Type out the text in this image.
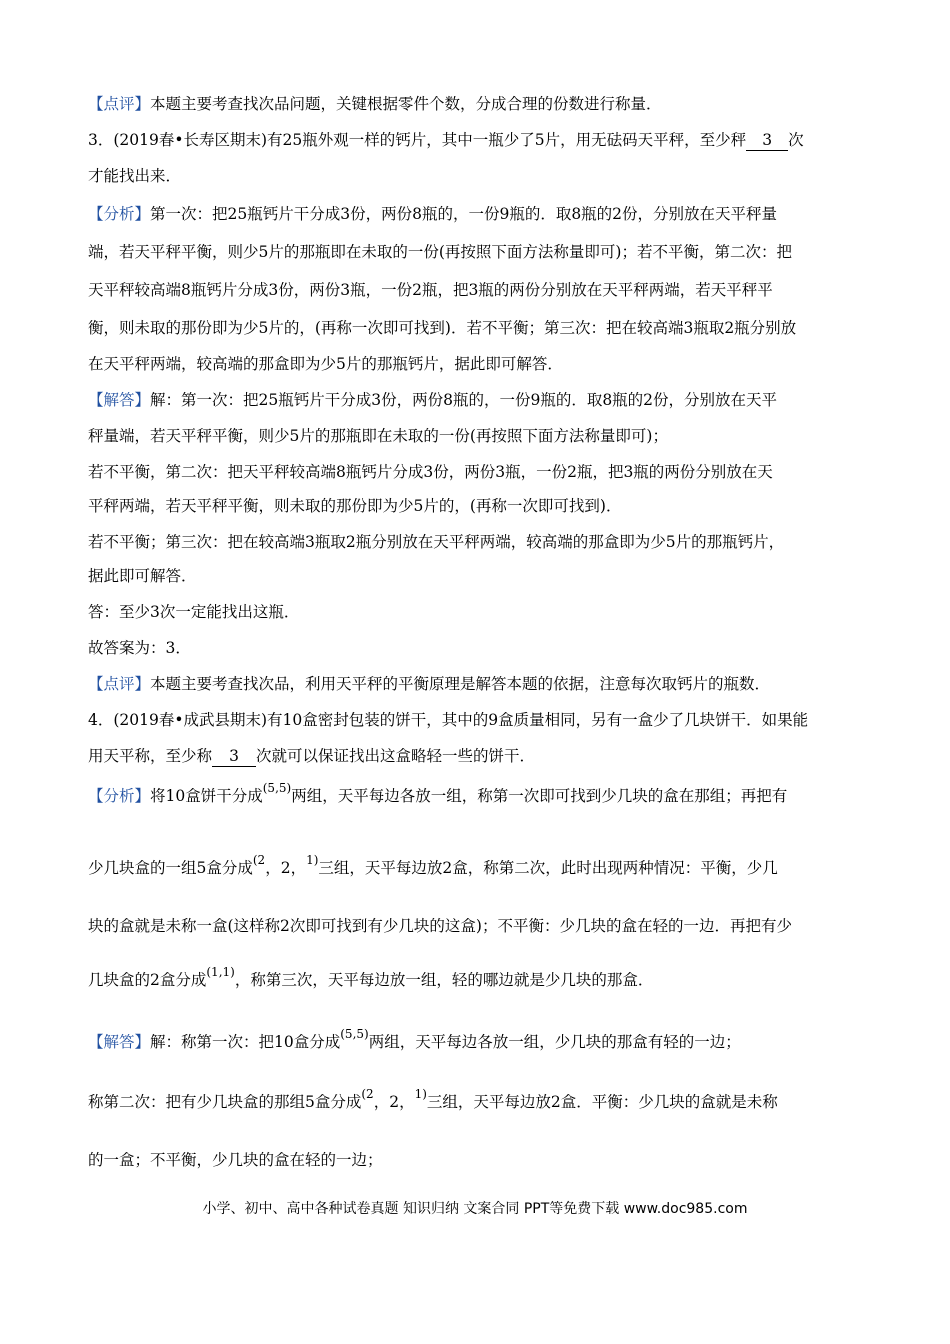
【点评】本题主要考查找次品问题，关键根据零件个数，分成合理的份数进行称量．
3．(2019春•长寿区期末)有25瓶外观一样的钙片，其中一瓶少了5片，用无砝码天平秤，至少秤 3 次
才能找出来．
【分析】第一次：把25瓶钙片干分成3份，两份8瓶的，一份9瓶的．取8瓶的2份，分别放在天平秤量
端，若天平秤平衡，则少5片的那瓶即在未取的一份(再按照下面方法称量即可)；若不平衡，第二次：把
天平秤较高端8瓶钙片分成3份，两份3瓶，一份2瓶，把3瓶的两份分别放在天平秤两端，若天平秤平
衡，则未取的那份即为少5片的，(再称一次即可找到)．若不平衡；第三次：把在较高端3瓶取2瓶分别放
在天平秤两端，较高端的那盒即为少5片的那瓶钙片，据此即可解答．
【解答】解：第一次：把25瓶钙片干分成3份，两份8瓶的，一份9瓶的．取8瓶的2份，分别放在天平
秤量端，若天平秤平衡，则少5片的那瓶即在未取的一份(再按照下面方法称量即可)；
若不平衡，第二次：把天平秤较高端8瓶钙片分成3份，两份3瓶，一份2瓶，把3瓶的两份分别放在天
平秤两端，若天平秤平衡，则未取的那份即为少5片的，(再称一次即可找到)．
若不平衡；第三次：把在较高端3瓶取2瓶分别放在天平秤两端，较高端的那盒即为少5片的那瓶钙片，
据此即可解答．
答：至少3次一定能找出这瓶．
故答案为：3．
【点评】本题主要考查找次品，利用天平秤的平衡原理是解答本题的依据，注意每次取钙片的瓶数．
4．(2019春•成武县期末)有10盒密封包装的饼干，其中的9盒质量相同，另有一盒少了几块饼干．如果能
用天平称，至少称 3 次就可以保证找出这盒略轻一些的饼干．
【分析】将10盒饼干分成$^{(5,5)}$两组，天平每边各放一组，称第一次即可找到少几块的盒在那组；再把有
少几块盒的一组5盒分成$^{(2}$，2，$^{1)}$三组，天平每边放2盒，称第二次，此时出现两种情况：平衡，少几
块的盒就是未称一盒(这样称2次即可找到有少几块的这盒)；不平衡：少几块的盒在轻的一边．再把有少
几块盒的2盒分成$^{(1,1)}$，称第三次，天平每边放一组，轻的哪边就是少几块的那盒．
【解答】解：称第一次：把10盒分成$^{(5,5)}$两组，天平每边各放一组，少几块的那盒有轻的一边；
称第二次：把有少几块盒的那组5盒分成$^{(2}$，2，$^{1)}$三组，天平每边放2盒．平衡：少几块的盒就是未称
的一盒；不平衡，少几块的盒在轻的一边；
小学、初中、高中各种试卷真题 知识归纳 文案合同 PPT等免费下载 www.doc985.com
